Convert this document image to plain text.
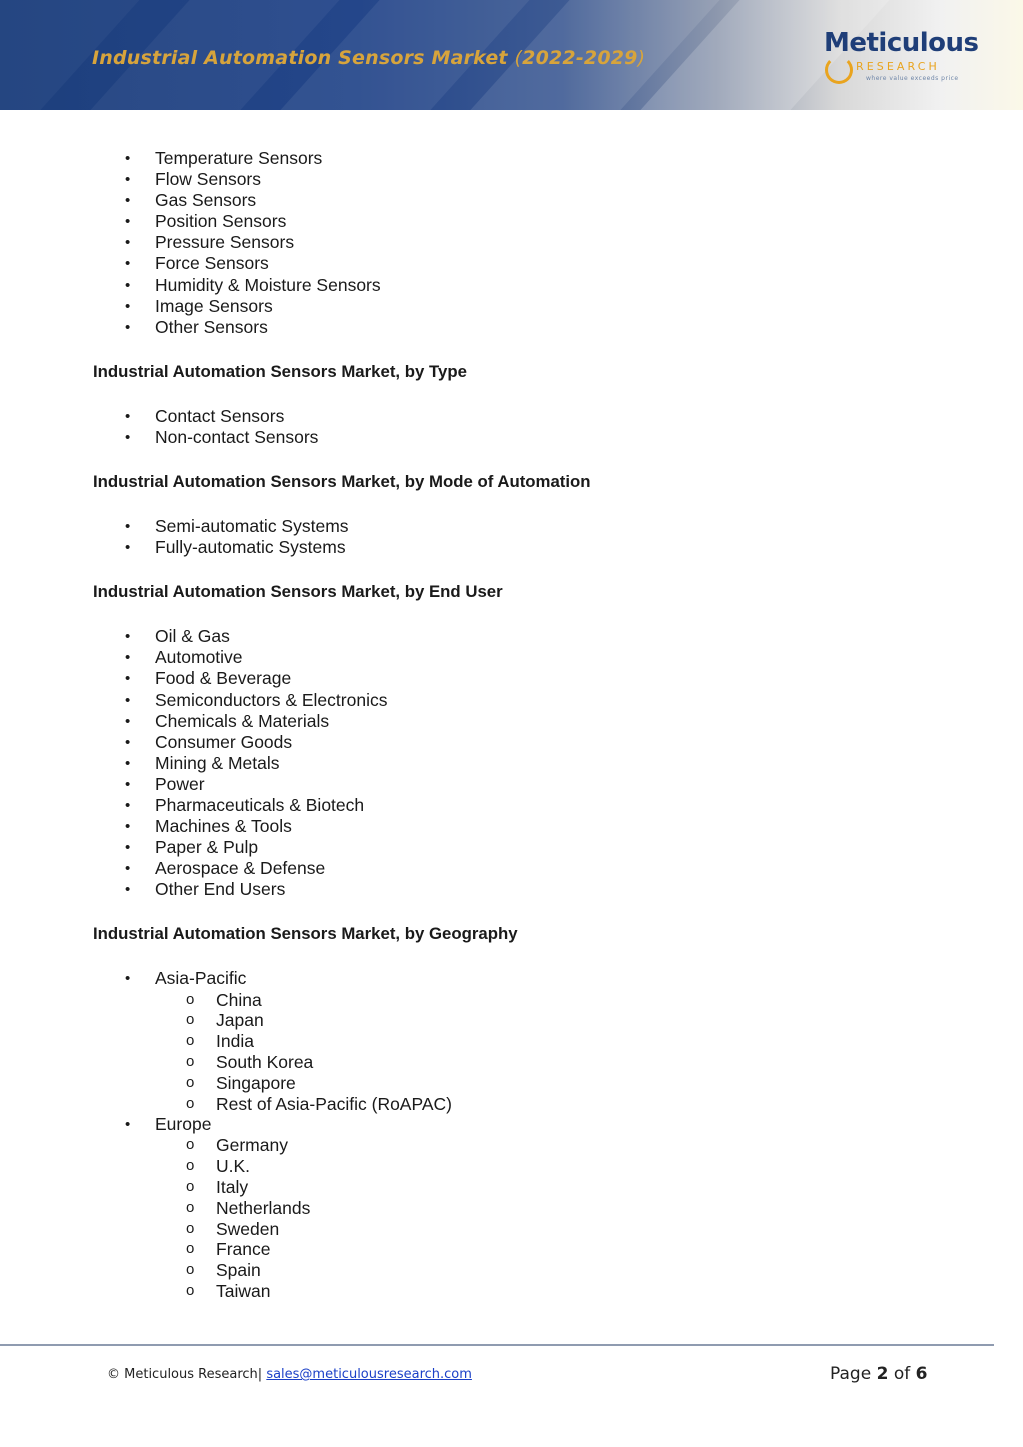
Industrial Automation Sensors Market (2022-2029)	Meticulous
RESEARCH
where value exceeds price
• Temperature Sensors
• Flow Sensors
• Gas Sensors
• Position Sensors
• Pressure Sensors
• Force Sensors
• Humidity & Moisture Sensors
• Image Sensors
• Other Sensors
Industrial Automation Sensors Market, by Type
• Contact Sensors
• Non-contact Sensors
Industrial Automation Sensors Market, by Mode of Automation
• Semi-automatic Systems
• Fully-automatic Systems
Industrial Automation Sensors Market, by End User
• Oil & Gas
• Automotive
• Food & Beverage
• Semiconductors & Electronics
• Chemicals & Materials
• Consumer Goods
• Mining & Metals
• Power
• Pharmaceuticals & Biotech
• Machines & Tools
• Paper & Pulp
• Aerospace & Defense
• Other End Users
Industrial Automation Sensors Market, by Geography
• Asia-Pacific
o China
o Japan
o India
o South Korea
o Singapore
o Rest of Asia-Pacific (RoAPAC)
• Europe
o Germany
o U.K.
o Italy
o Netherlands
o Sweden
o France
o Spain
o Taiwan
© Meticulous Research| sales@meticulousresearch.com	Page 2 of 6
